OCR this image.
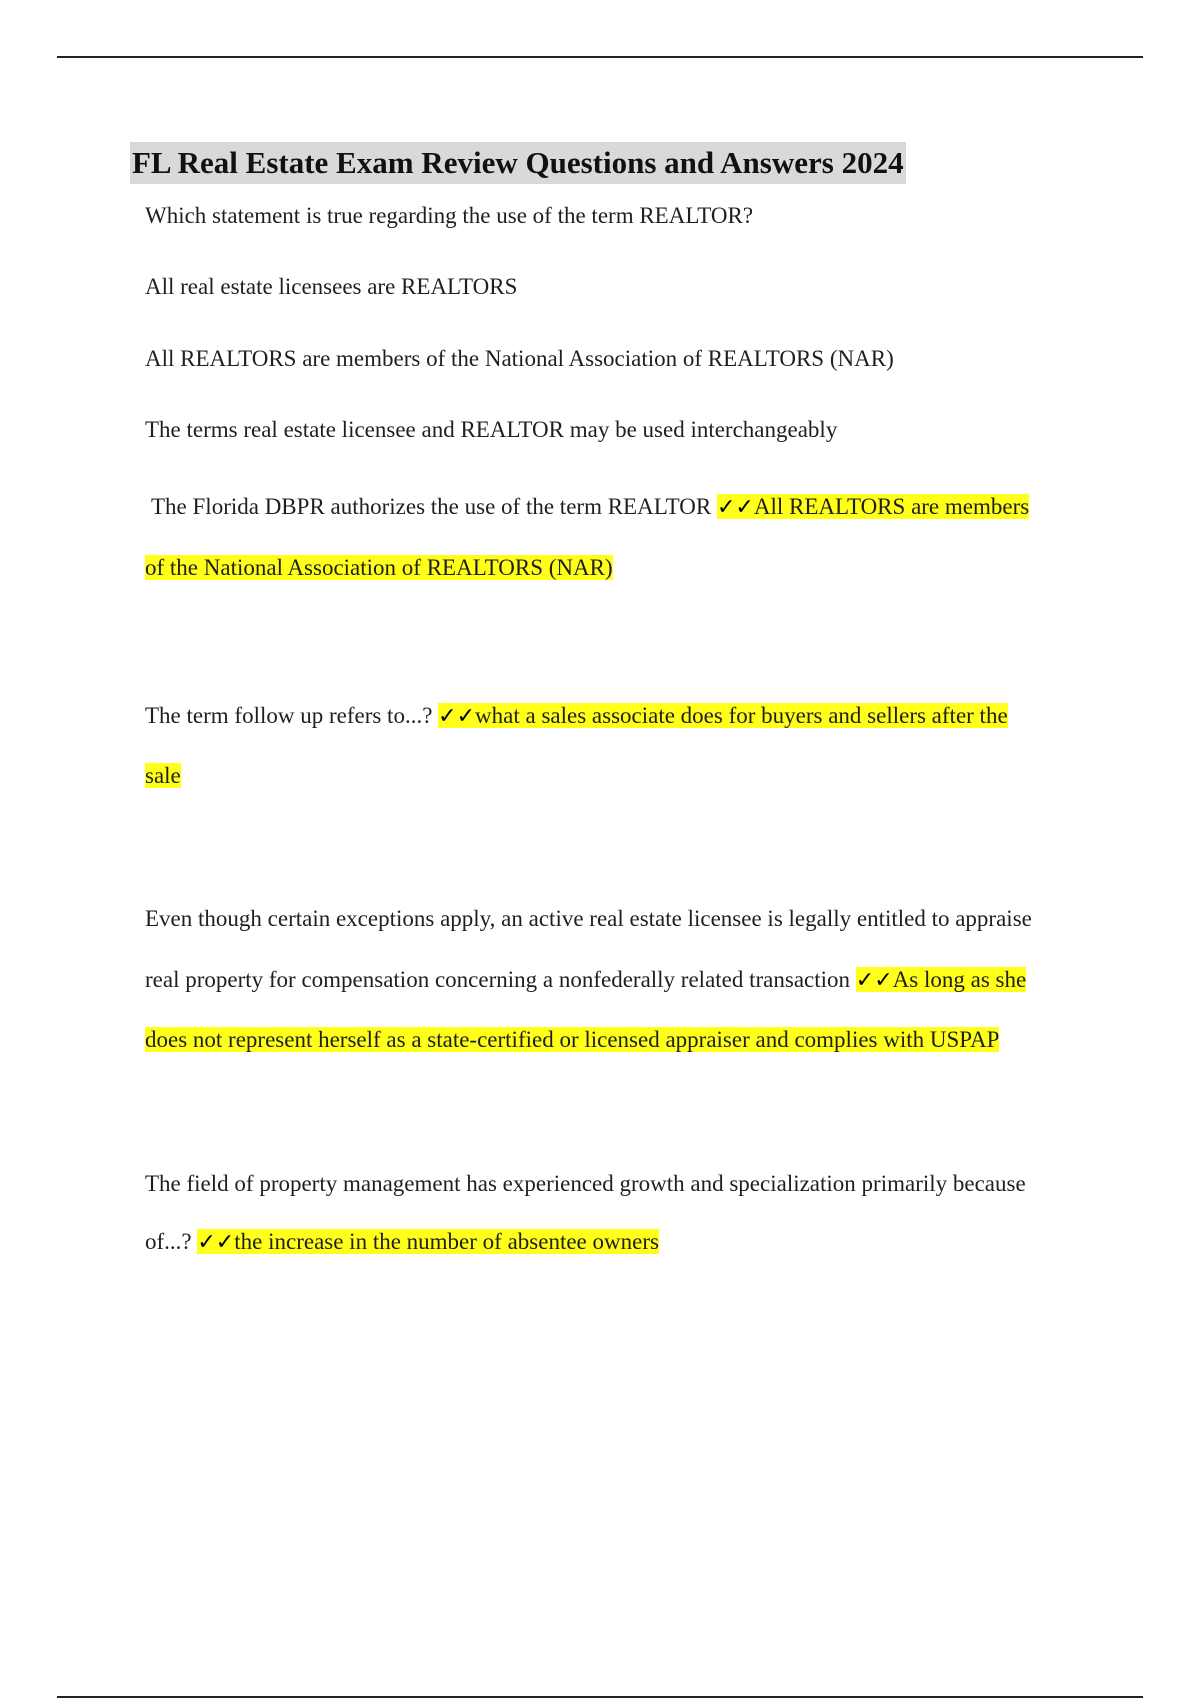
FL Real Estate Exam Review Questions and Answers 2024
Which statement is true regarding the use of the term REALTOR?
All real estate licensees are REALTORS
All REALTORS are members of the National Association of REALTORS (NAR)
The terms real estate licensee and REALTOR may be used interchangeably
The Florida DBPR authorizes the use of the term REALTOR ✓✓All REALTORS are members
of the National Association of REALTORS (NAR)
The term follow up refers to...? ✓✓what a sales associate does for buyers and sellers after the
sale
Even though certain exceptions apply, an active real estate licensee is legally entitled to appraise
real property for compensation concerning a nonfederally related transaction ✓✓As long as she
does not represent herself as a state-certified or licensed appraiser and complies with USPAP
The field of property management has experienced growth and specialization primarily because
of...? ✓✓the increase in the number of absentee owners
